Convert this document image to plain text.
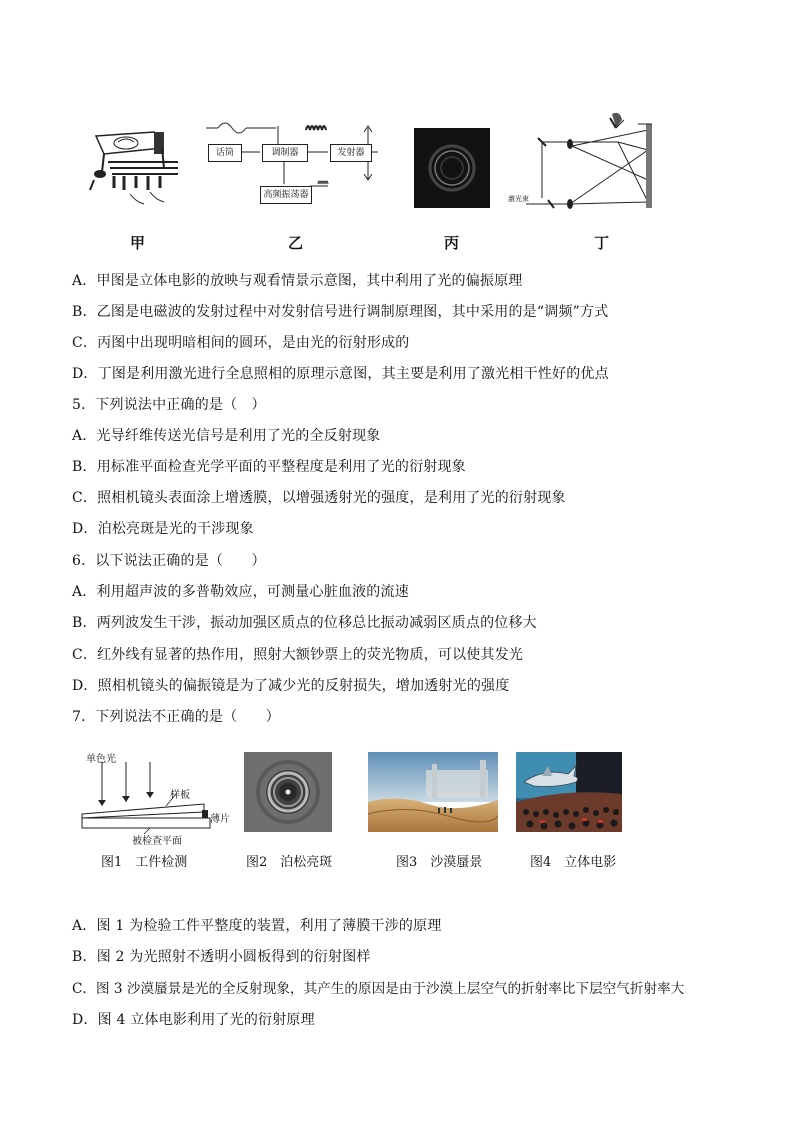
甲
话筒	调制器	发射器
高频振荡器
乙	丙
激光束
丁
A．甲图是立体电影的放映与观看情景示意图，其中利用了光的偏振原理
B．乙图是电磁波的发射过程中对发射信号进行调制原理图，其中采用的是“调频”方式
C．丙图中出现明暗相间的圆环，是由光的衍射形成的
D．丁图是利用激光进行全息照相的原理示意图，其主要是利用了激光相干性好的优点
5．下列说法中正确的是（　）
A．光导纤维传送光信号是利用了光的全反射现象
B．用标准平面检查光学平面的平整程度是利用了光的衍射现象
C．照相机镜头表面涂上增透膜，以增强透射光的强度，是利用了光的衍射现象
D．泊松亮斑是光的干涉现象
6．以下说法正确的是（　　）
A．利用超声波的多普勒效应，可测量心脏血液的流速
B．两列波发生干涉，振动加强区质点的位移总比振动减弱区质点的位移大
C．红外线有显著的热作用，照射大额钞票上的荧光物质，可以使其发光
D．照相机镜头的偏振镜是为了减少光的反射损失，增加透射光的强度
7．下列说法不正确的是（　　）
单色光
样板
薄片
被检查平面
图1　工件检测	图2　泊松亮斑	图3　沙漠蜃景	图4　立体电影
A．图 1 为检验工件平整度的装置，利用了薄膜干涉的原理
B．图 2 为光照射不透明小圆板得到的衍射图样
C．图 3 沙漠蜃景是光的全反射现象，其产生的原因是由于沙漠上层空气的折射率比下层空气折射率大
D．图 4 立体电影利用了光的衍射原理
